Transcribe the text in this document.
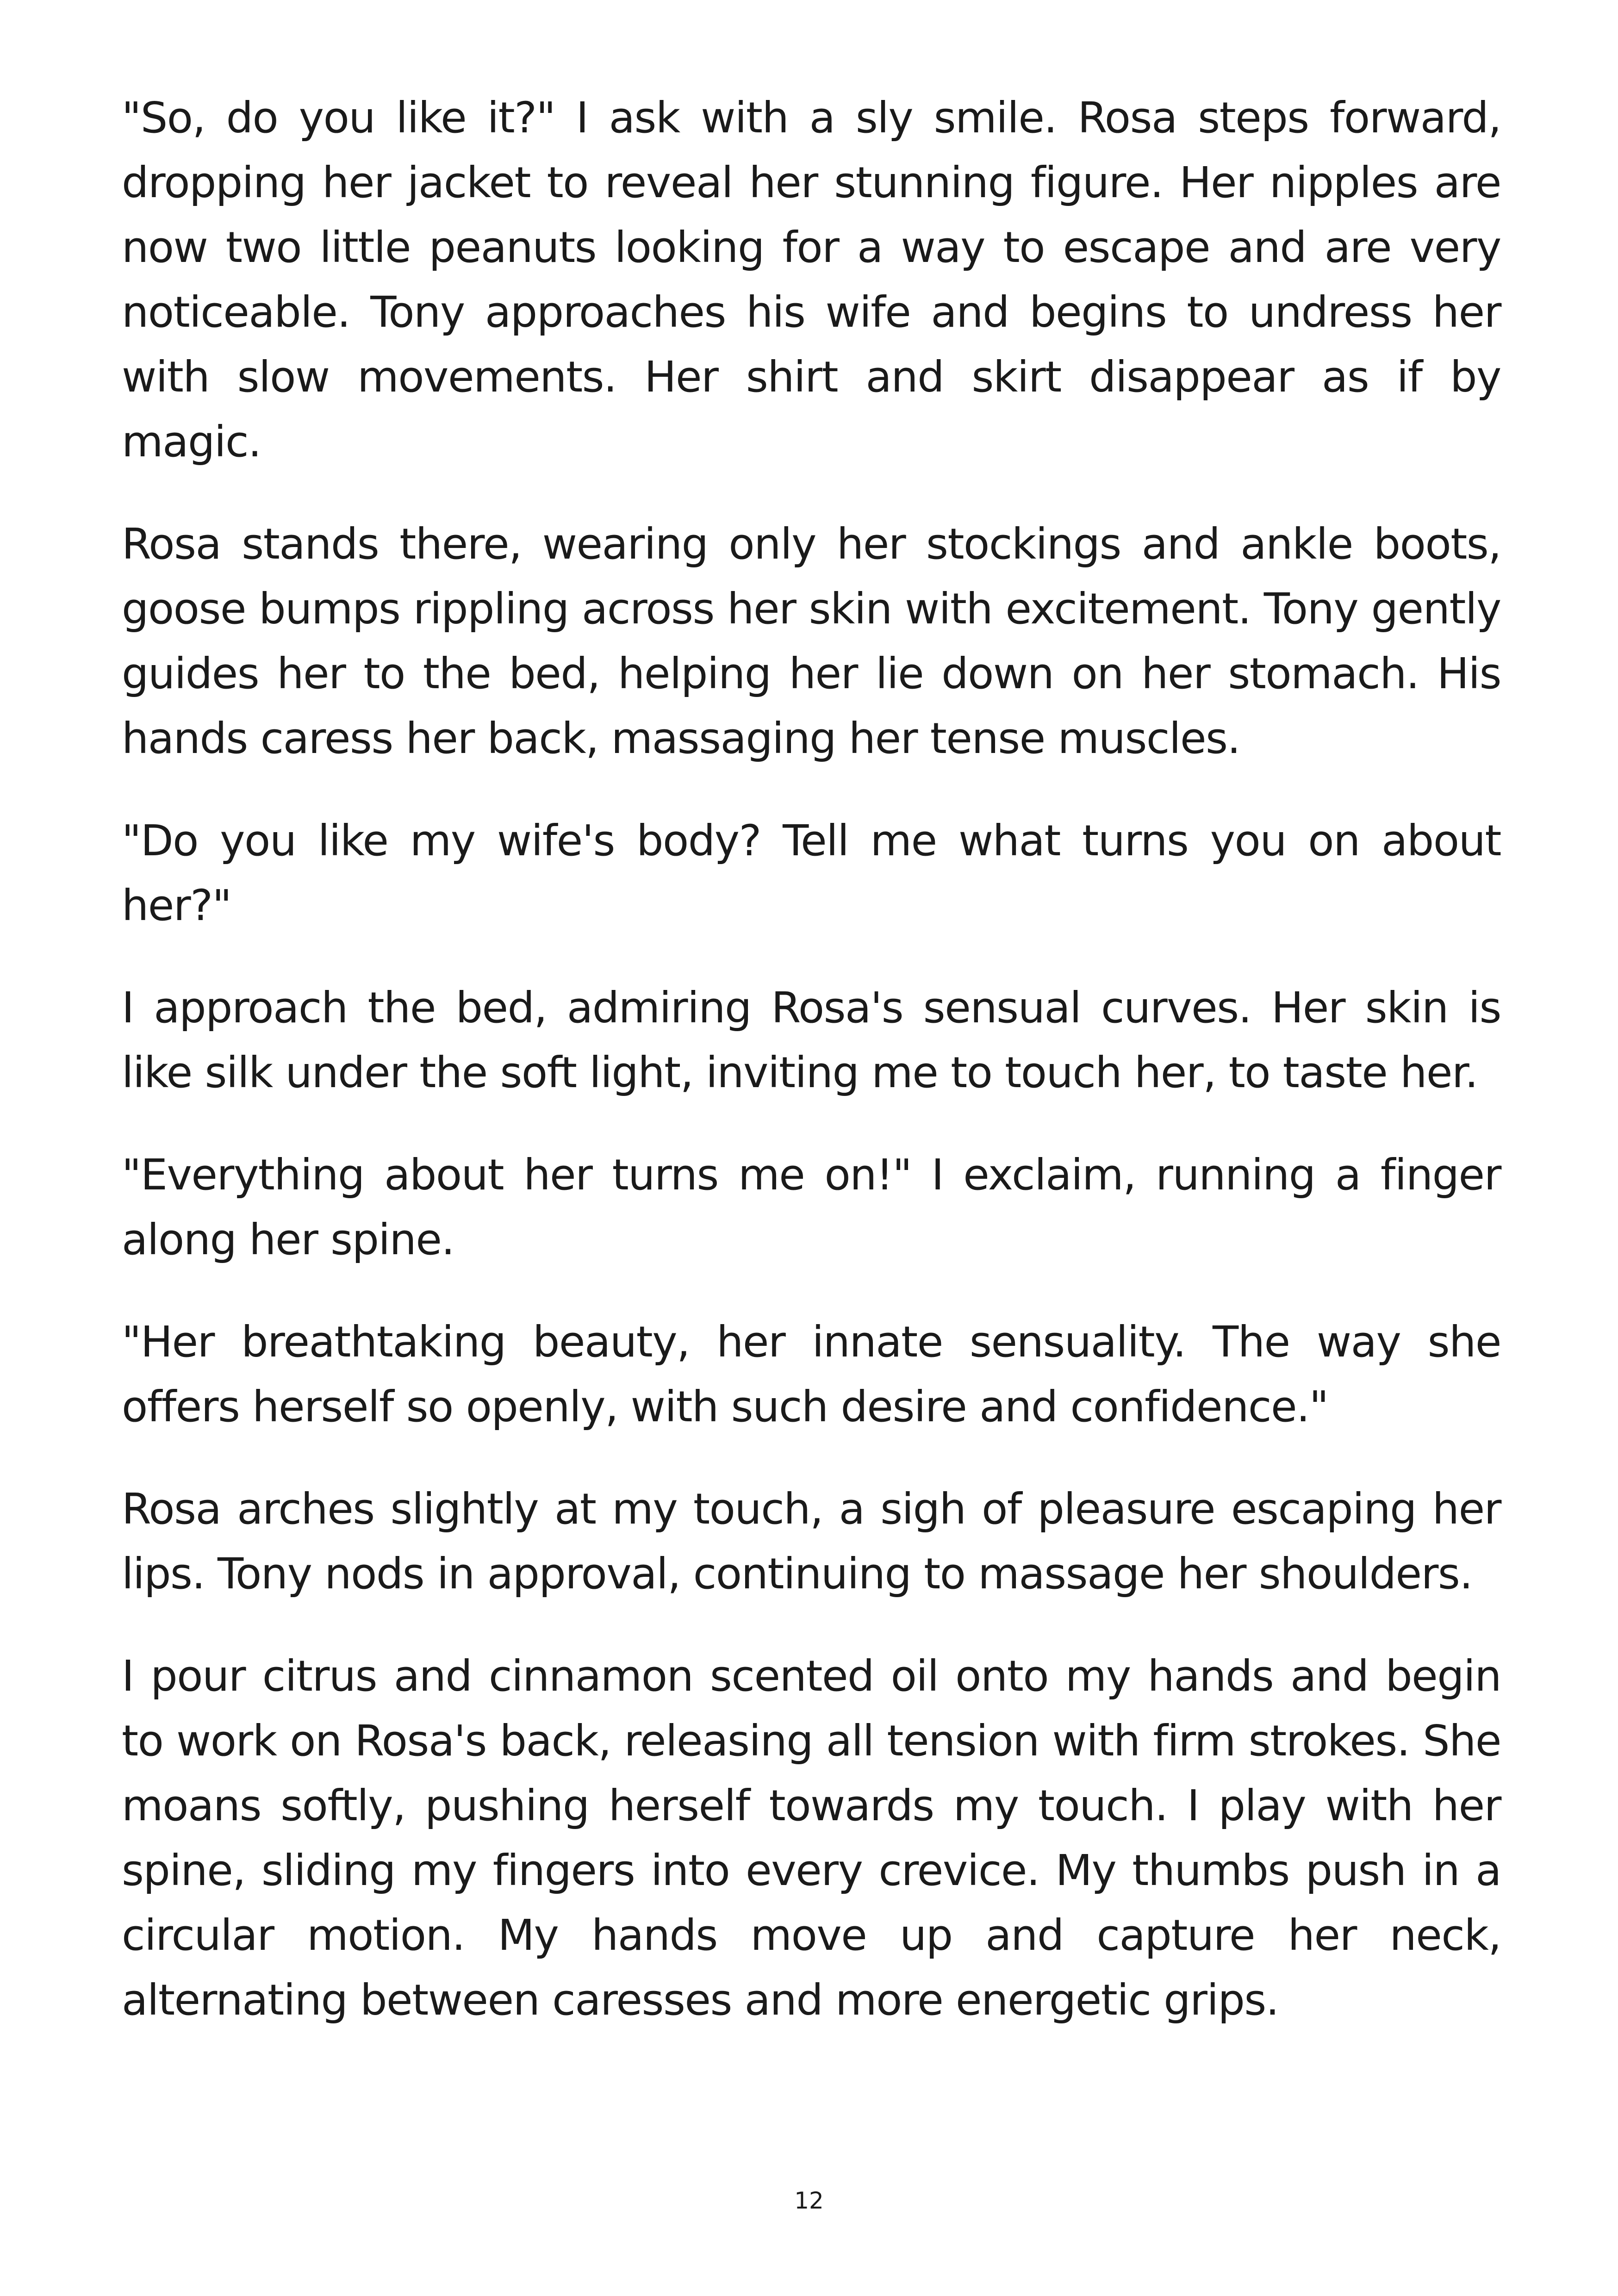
"So, do you like it?" I ask with a sly smile. Rosa steps forward, dropping her jacket to reveal her stunning figure. Her nipples are now two little peanuts looking for a way to escape and are very noticeable. Tony approaches his wife and begins to undress her with slow movements. Her shirt and skirt disappear as if by magic.

Rosa stands there, wearing only her stockings and ankle boots, goose bumps rippling across her skin with excitement. Tony gently guides her to the bed, helping her lie down on her stomach. His hands caress her back, massaging her tense muscles.

"Do you like my wife's body? Tell me what turns you on about her?"

I approach the bed, admiring Rosa's sensual curves. Her skin is like silk under the soft light, inviting me to touch her, to taste her.

"Everything about her turns me on!" I exclaim, running a finger along her spine.

"Her breathtaking beauty, her innate sensuality. The way she offers herself so openly, with such desire and confidence."

Rosa arches slightly at my touch, a sigh of pleasure escaping her lips. Tony nods in approval, continuing to massage her shoulders.

I pour citrus and cinnamon scented oil onto my hands and begin to work on Rosa's back, releasing all tension with firm strokes. She moans softly, pushing herself towards my touch. I play with her spine, sliding my fingers into every crevice. My thumbs push in a circular motion. My hands move up and capture her neck, alternating between caresses and more energetic grips.

12
